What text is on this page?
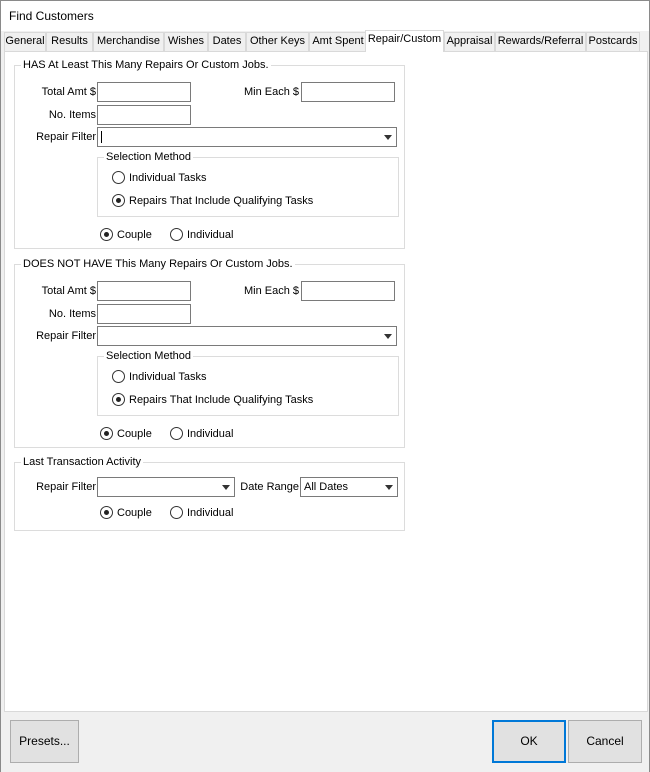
Find Customers
General Results Merchandise Wishes Dates Other Keys Amt Spent Repair/Custom Appraisal Rewards/Referral Postcards
HAS At Least This Many Repairs Or Custom Jobs.
Total Amt $	Min Each $
No. Items
Repair Filter
Selection Method
Individual Tasks
Repairs That Include Qualifying Tasks
Couple	Individual
DOES NOT HAVE This Many Repairs Or Custom Jobs.
Total Amt $	Min Each $
No. Items
Repair Filter
Selection Method
Individual Tasks
Repairs That Include Qualifying Tasks
Couple	Individual
Last Transaction Activity
Repair Filter	Date Range All Dates
Couple	Individual
Presets...	OK	Cancel
